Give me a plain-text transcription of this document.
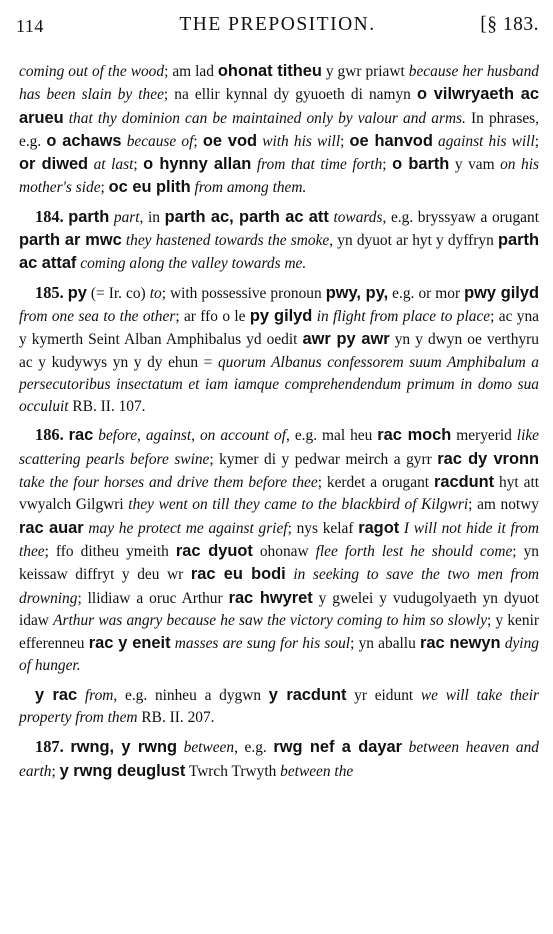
114	THE PREPOSITION.	[§ 183.

coming out of the wood; am lad ohonat titheu y gwr priawt because her husband has been slain by thee; na ellir kynnal dy gyuoeth di namyn o vilwryaeth ac arueu that thy dominion can be maintained only by valour and arms. In phrases, e.g. o achaws because of; oe vod with his will; oe hanvod against his will; or diwed at last; o hynny allan from that time forth; o barth y vam on his mother's side; oc eu plith from among them.

184. parth part, in parth ac, parth ac att towards, e.g. bryssyaw a orugant parth ar mwc they hastened towards the smoke, yn dyuot ar hyt y dyffryn parth ac attaf coming along the valley towards me.

185. py (= Ir. co) to; with possessive pronoun pwy, py, e.g. or mor pwy gilyd from one sea to the other; ar ffo o le py gilyd in flight from place to place; ac yna y kymerth Seint Alban Amphibalus yd oedit awr py awr yn y dwyn oe verthyru ac y kudywys yn y dy ehun = quorum Albanus confessorem suum Amphibalum a persecutoribus insectatum et iam iamque comprehendendum primum in domo sua occuluit RB. II. 107.

186. rac before, against, on account of, e.g. mal heu rac moch meryerid like scattering pearls before swine; kymer di y pedwar meirch a gyrr rac dy vronn take the four horses and drive them before thee; kerdet a orugant racdunt hyt att vwyalch Gilgwri they went on till they came to the blackbird of Kilgwri; am notwy rac auar may he protect me against grief; nys kelaf ragot I will not hide it from thee; ffo ditheu ymeith rac dyuot ohonaw flee forth lest he should come; yn keissaw diffryt y deu wr rac eu bodi in seeking to save the two men from drowning; llidiaw a oruc Arthur rac hwyret y gwelei y vudugolyaeth yn dyuot idaw Arthur was angry because he saw the victory coming to him so slowly; y kenir efferenneu rac y eneit masses are sung for his soul; yn aballu rac newyn dying of hunger.

y rac from, e.g. ninheu a dygwn y racdunt yr eidunt we will take their property from them RB. II. 207.

187. rwng, y rwng between, e.g. rwg nef a dayar between heaven and earth; y rwng deuglust Twrch Trwyth between the
